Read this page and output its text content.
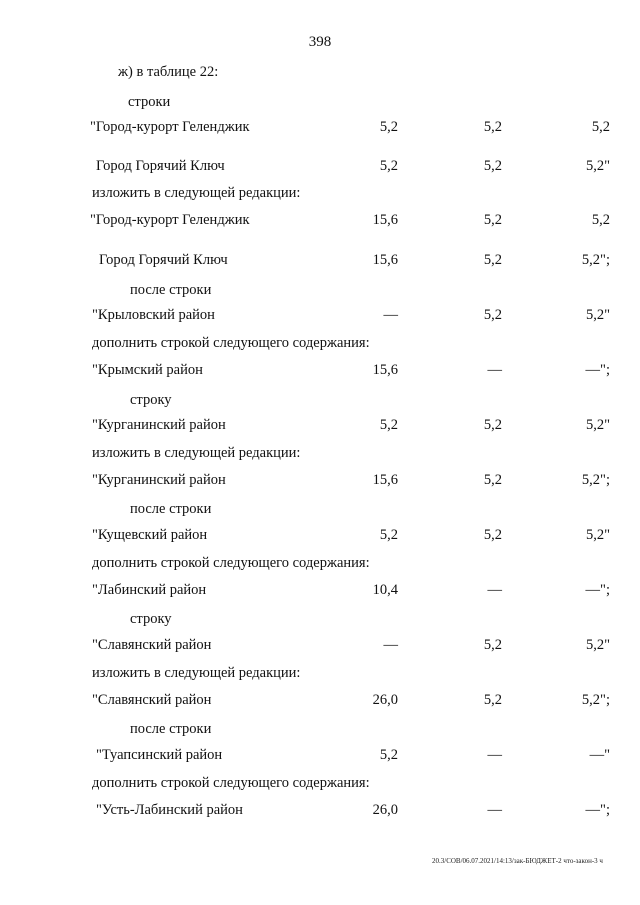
398
ж) в таблице 22:
строки
"Город-курорт Геленджик	5,2	5,2	5,2
Город Горячий Ключ	5,2	5,2	5,2"
изложить в следующей редакции:
"Город-курорт Геленджик	15,6	5,2	5,2
Город Горячий Ключ	15,6	5,2	5,2";
после строки
"Крыловский район	—	5,2	5,2"
дополнить строкой следующего содержания:
"Крымский район	15,6	—	—";
строку
"Курганинский район	5,2	5,2	5,2"
изложить в следующей редакции:
"Курганинский район	15,6	5,2	5,2";
после строки
"Кущевский район	5,2	5,2	5,2"
дополнить строкой следующего содержания:
"Лабинский район	10,4	—	—";
строку
"Славянский район	—	5,2	5,2"
изложить в следующей редакции:
"Славянский район	26,0	5,2	5,2";
после строки
"Туапсинский район	5,2	—	—"
дополнить строкой следующего содержания:
"Усть-Лабинский район	26,0	—	—";
20.3/СОВ/06.07.2021/14:13/зак-БЮДЖЕТ-2 что-закон-3 ч
